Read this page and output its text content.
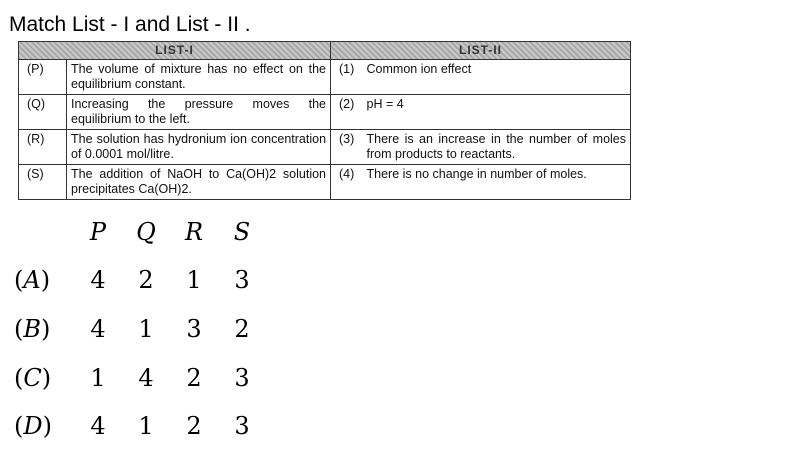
Match List - I and List - II .
LIST-I		LIST-II	
(P)	The volume of mixture has no effect on the equilibrium constant.	(1)	Common ion effect
(Q)	Increasing the pressure moves the equilibrium to the left.	(2)	pH = 4
(R)	The solution has hydronium ion concentration of 0.0001 mol/litre.	(3)	There is an increase in the number of moles from products to reactants.
(S)	The addition of NaOH to Ca(OH)2 solution precipitates Ca(OH)2.	(4)	There is no change in number of moles.
P	Q	R	S
(A)	4	2	1	3
(B)	4	1	3	2
(C)	1	4	2	3
(D)	4	1	2	3
